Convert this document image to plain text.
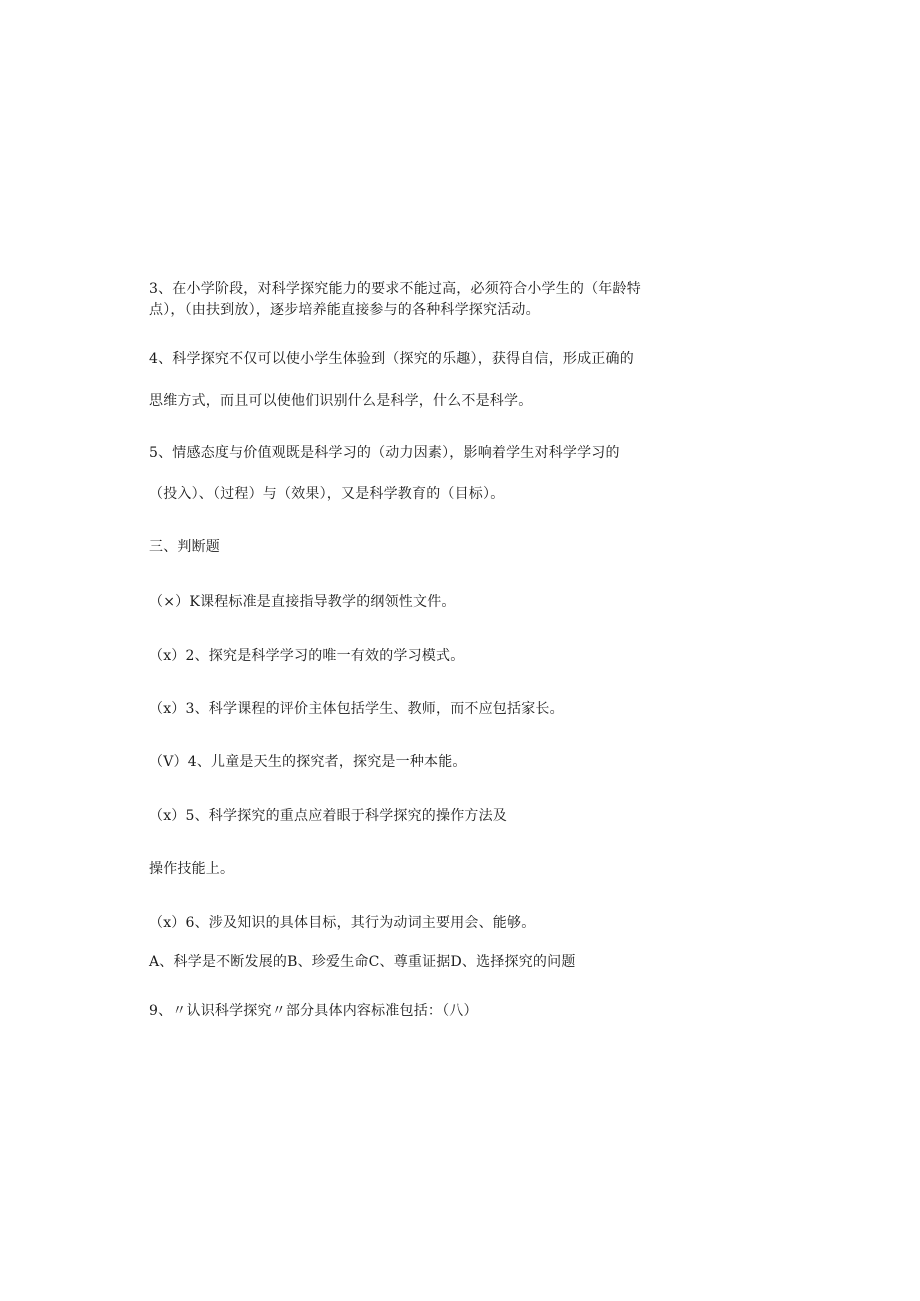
3、在小学阶段，对科学探究能力的要求不能过高，必须符合小学生的（年龄特
点），（由扶到放），逐步培养能直接参与的各种科学探究活动。
4、科学探究不仅可以使小学生体验到（探究的乐趣），获得自信，形成正确的
思维方式，而且可以使他们识别什么是科学，什么不是科学。
5、情感态度与价值观既是科学习的（动力因素），影响着学生对科学学习的
（投入）、（过程）与（效果），又是科学教育的（目标）。
三、判断题
（×）K课程标准是直接指导教学的纲领性文件。
（x）2、探究是科学学习的唯一有效的学习模式。
（x）3、科学课程的评价主体包括学生、教师，而不应包括家长。
（V）4、儿童是天生的探究者，探究是一种本能。
（x）5、科学探究的重点应着眼于科学探究的操作方法及
操作技能上。
（x）6、涉及知识的具体目标，其行为动词主要用会、能够。
A、科学是不断发展的B、珍爱生命C、尊重证据D、选择探究的问题
9、〃认识科学探究〃部分具体内容标准包括：（八）
